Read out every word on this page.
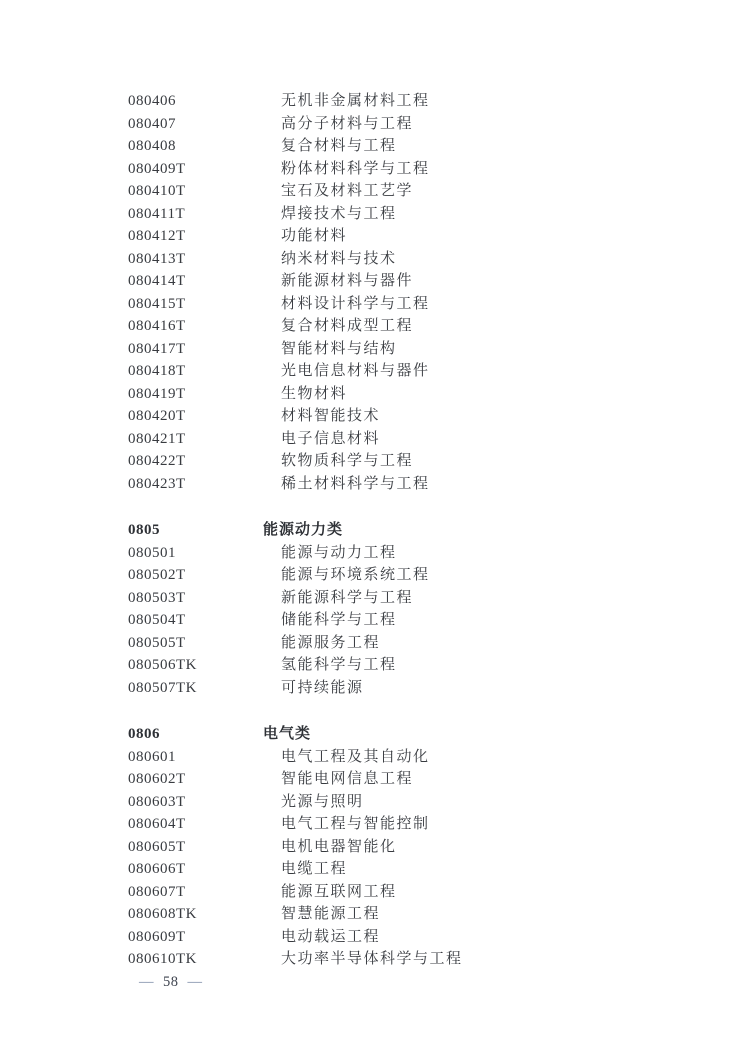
080406	无机非金属材料工程
080407	高分子材料与工程
080408	复合材料与工程
080409T	粉体材料科学与工程
080410T	宝石及材料工艺学
080411T	焊接技术与工程
080412T	功能材料
080413T	纳米材料与技术
080414T	新能源材料与器件
080415T	材料设计科学与工程
080416T	复合材料成型工程
080417T	智能材料与结构
080418T	光电信息材料与器件
080419T	生物材料
080420T	材料智能技术
080421T	电子信息材料
080422T	软物质科学与工程
080423T	稀土材料科学与工程
0805	能源动力类
080501	能源与动力工程
080502T	能源与环境系统工程
080503T	新能源科学与工程
080504T	储能科学与工程
080505T	能源服务工程
080506TK	氢能科学与工程
080507TK	可持续能源
0806	电气类
080601	电气工程及其自动化
080602T	智能电网信息工程
080603T	光源与照明
080604T	电气工程与智能控制
080605T	电机电器智能化
080606T	电缆工程
080607T	能源互联网工程
080608TK	智慧能源工程
080609T	电动载运工程
080610TK	大功率半导体科学与工程
— 58 —
